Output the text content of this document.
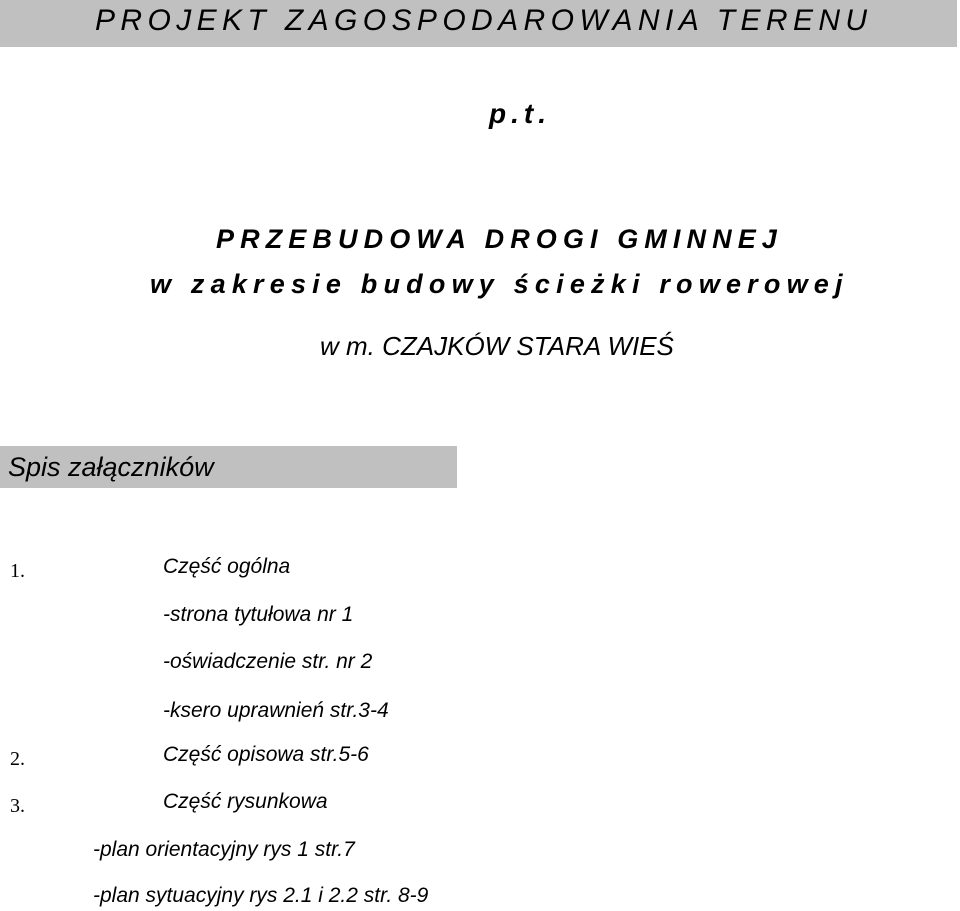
PROJEKT ZAGOSPODAROWANIA TERENU
p.t.
PRZEBUDOWA DROGI GMINNEJ
w zakresie budowy ścieżki rowerowej
w m. CZAJKÓW STARA WIEŚ
Spis załączników
1.	Część ogólna
-strona tytułowa nr 1
-oświadczenie str. nr 2
-ksero uprawnień str.3-4
2.	Część opisowa str.5-6
3.	Część rysunkowa
-plan orientacyjny rys 1 str.7
-plan sytuacyjny rys 2.1 i 2.2 str. 8-9
